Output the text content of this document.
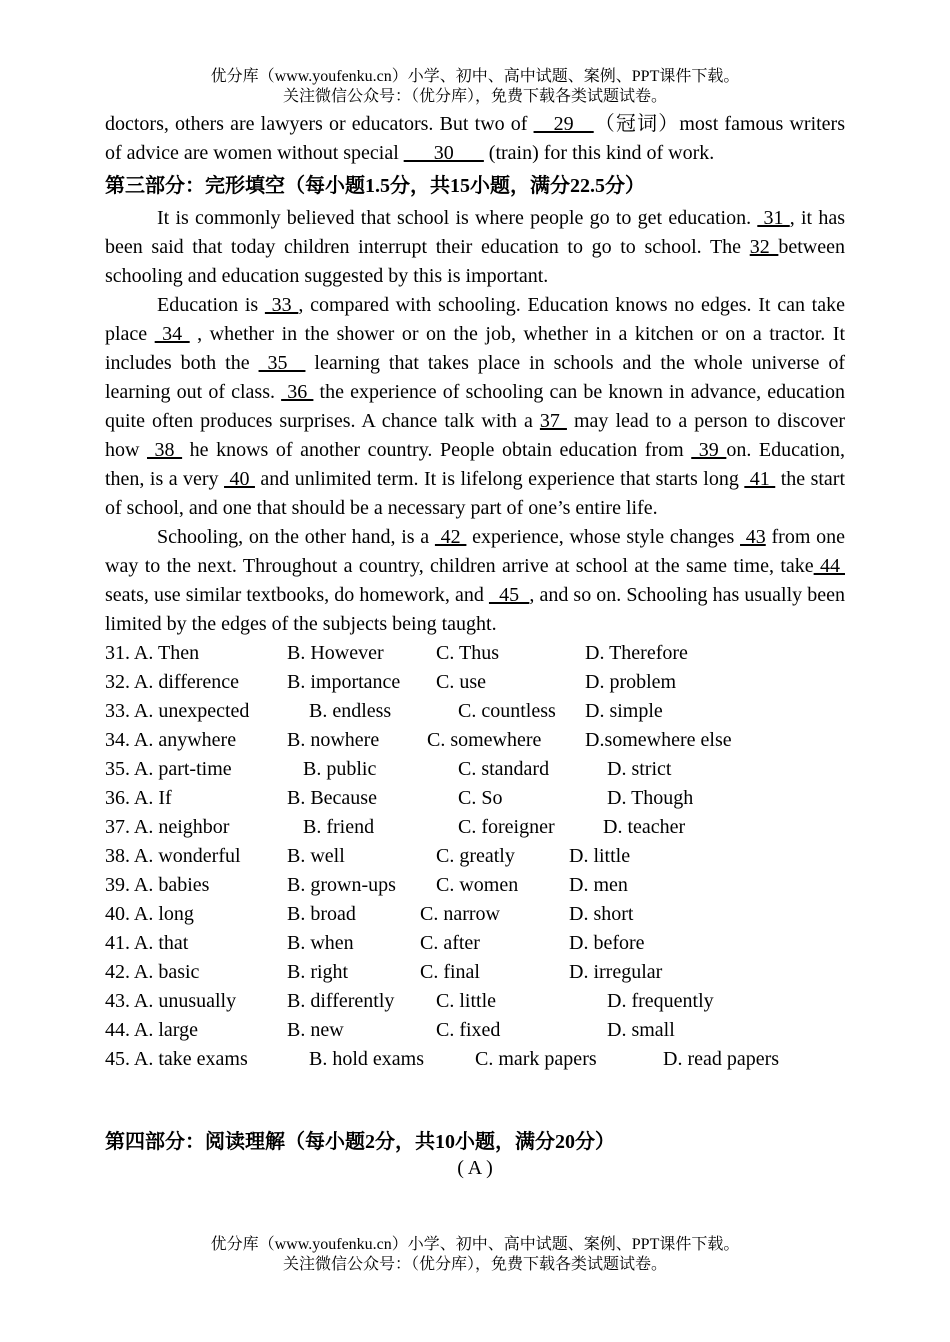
优分库（www.youfenku.cn）小学、初中、高中试题、案例、PPT课件下载。
关注微信公众号：（优分库），免费下载各类试题试卷。

doctors, others are lawyers or educators. But two of __29__（冠词）most famous writers of advice are women without special ___30___ (train) for this kind of work.

第三部分：完形填空（每小题1.5分，共15小题，满分22.5分）

It is commonly believed that school is where people go to get education.  31 , it has been said that today children interrupt their education to go to school. The 32 between schooling and education suggested by this is important.

Education is  33 , compared with schooling. Education knows no edges. It can take place  34  , whether in the shower or on the job, whether in a kitchen or on a tractor. It includes both the  35   learning that takes place in schools and the whole universe of learning out of class.  36  the experience of schooling can be known in advance, education quite often produces surprises. A chance talk with a 37  may lead to a person to discover how  38  he knows of another country. People obtain education from  39 on. Education, then, is a very  40  and unlimited term. It is lifelong experience that starts long  41  the start of school, and one that should be a necessary part of one’s entire life.

Schooling, on the other hand, is a  42  experience, whose style changes  43 from one way to the next. Throughout a country, children arrive at school at the same time, take 44  seats, use similar textbooks, do homework, and   45  , and so on. Schooling has usually been limited by the edges of the subjects being taught.

31. A. Then	B. However	C. Thus	D. Therefore
32. A. difference B. importance C. use	D. problem
33. A. unexpected	B. endless	C. countless D. simple
34. A. anywhere	B. nowhere C. somewhere D.somewhere else
35. A. part-time	B. public	C. standard	D. strict
36. A. If	B. Because	C. So	D. Though
37. A. neighbor	B. friend	C. foreigner D. teacher
38. A. wonderful B. well	C. greatly	D. little
39. A. babies	B. grown-ups C. women	D. men
40. A. long	B. broad	C. narrow	D. short
41. A. that	B. when	C. after	D. before
42. A. basic	B. right	C. final	D. irregular
43. A. unusually	B. differently C. little	D. frequently
44. A. large	B. new	C. fixed	D. small
45. A. take exams	B. hold exams	C. mark papers	D. read papers

第四部分：阅读理解（每小题2分，共10小题，满分20分）

( A )

优分库（www.youfenku.cn）小学、初中、高中试题、案例、PPT课件下载。
关注微信公众号：（优分库），免费下载各类试题试卷。
